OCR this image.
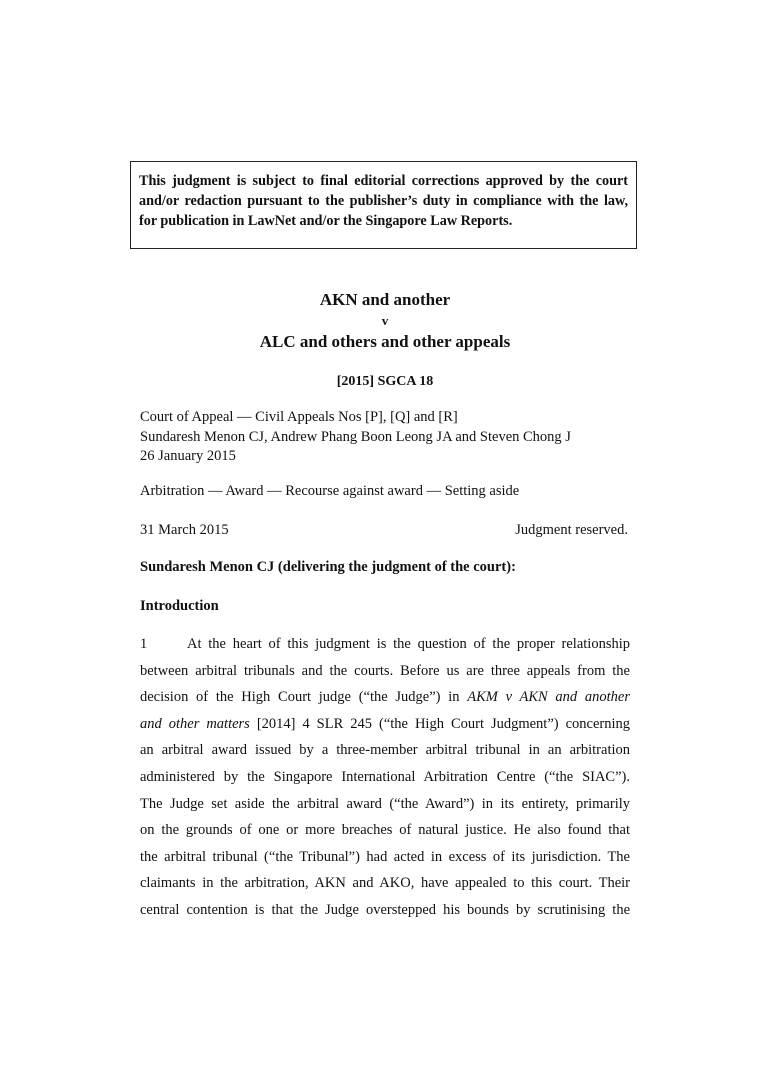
This judgment is subject to final editorial corrections approved by the court and/or redaction pursuant to the publisher’s duty in compliance with the law, for publication in LawNet and/or the Singapore Law Reports.

AKN and another
v
ALC and others and other appeals
[2015] SGCA 18
Court of Appeal — Civil Appeals Nos [P], [Q] and [R]
Sundaresh Menon CJ, Andrew Phang Boon Leong JA and Steven Chong J
26 January 2015
Arbitration — Award — Recourse against award — Setting aside
31 March 2015	Judgment reserved.
Sundaresh Menon CJ (delivering the judgment of the court):
Introduction
1	At the heart of this judgment is the question of the proper relationship
between arbitral tribunals and the courts. Before us are three appeals from the
decision of the High Court judge (“the Judge”) in AKM v AKN and another
and other matters [2014] 4 SLR 245 (“the High Court Judgment”) concerning
an arbitral award issued by a three-member arbitral tribunal in an arbitration
administered by the Singapore International Arbitration Centre (“the SIAC”).
The Judge set aside the arbitral award (“the Award”) in its entirety, primarily
on the grounds of one or more breaches of natural justice. He also found that
the arbitral tribunal (“the Tribunal”) had acted in excess of its jurisdiction. The
claimants in the arbitration, AKN and AKO, have appealed to this court. Their
central contention is that the Judge overstepped his bounds by scrutinising the
